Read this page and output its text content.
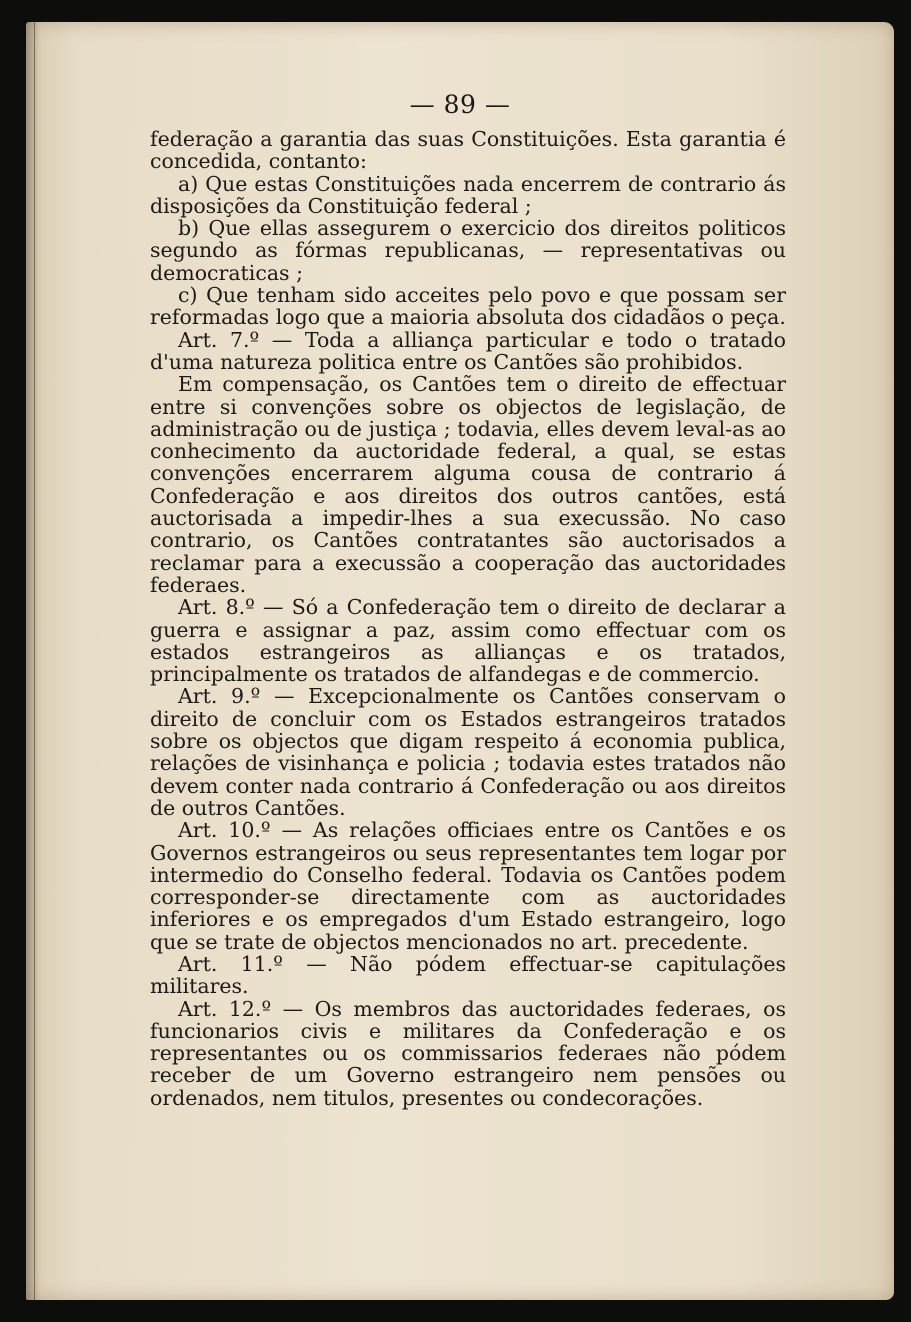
— 89 —

federação a garantia das suas Constituições. Esta garantia é concedida, contanto:

a) Que estas Constituições nada encerrem de contrario ás disposições da Constituição federal ;

b) Que ellas assegurem o exercicio dos direitos politicos segundo as fórmas republicanas, — representativas ou democraticas ;

c) Que tenham sido acceites pelo povo e que possam ser reformadas logo que a maioria absoluta dos cidadãos o peça.

Art. 7.º — Toda a alliança particular e todo o tratado d'uma natureza politica entre os Cantões são prohibidos.

Em compensação, os Cantões tem o direito de effectuar entre si convenções sobre os objectos de legislação, de administração ou de justiça ; todavia, elles devem leval-as ao conhecimento da auctoridade federal, a qual, se estas convenções encerrarem alguma cousa de contrario á Confederação e aos direitos dos outros cantões, está auctorisada a impedir-lhes a sua execussão. No caso contrario, os Cantões contratantes são auctorisados a reclamar para a execussão a cooperação das auctoridades federaes.

Art. 8.º — Só a Confederação tem o direito de declarar a guerra e assignar a paz, assim como effectuar com os estados estrangeiros as allianças e os tratados, principalmente os tratados de alfandegas e de commercio.

Art. 9.º — Excepcionalmente os Cantões conservam o direito de concluir com os Estados estrangeiros tratados sobre os objectos que digam respeito á economia publica, relações de visinhança e policia ; todavia estes tratados não devem conter nada contrario á Confederação ou aos direitos de outros Cantões.

Art. 10.º — As relações officiaes entre os Cantões e os Governos estrangeiros ou seus representantes tem logar por intermedio do Conselho federal. Todavia os Cantões podem corresponder-se directamente com as auctoridades inferiores e os empregados d'um Estado estrangeiro, logo que se trate de objectos mencionados no art. precedente.

Art. 11.º — Não pódem effectuar-se capitulações militares.

Art. 12.º — Os membros das auctoridades federaes, os funcionarios civis e militares da Confederação e os representantes ou os commissarios federaes não pódem receber de um Governo estrangeiro nem pensões ou ordenados, nem titulos, presentes ou condecorações.
